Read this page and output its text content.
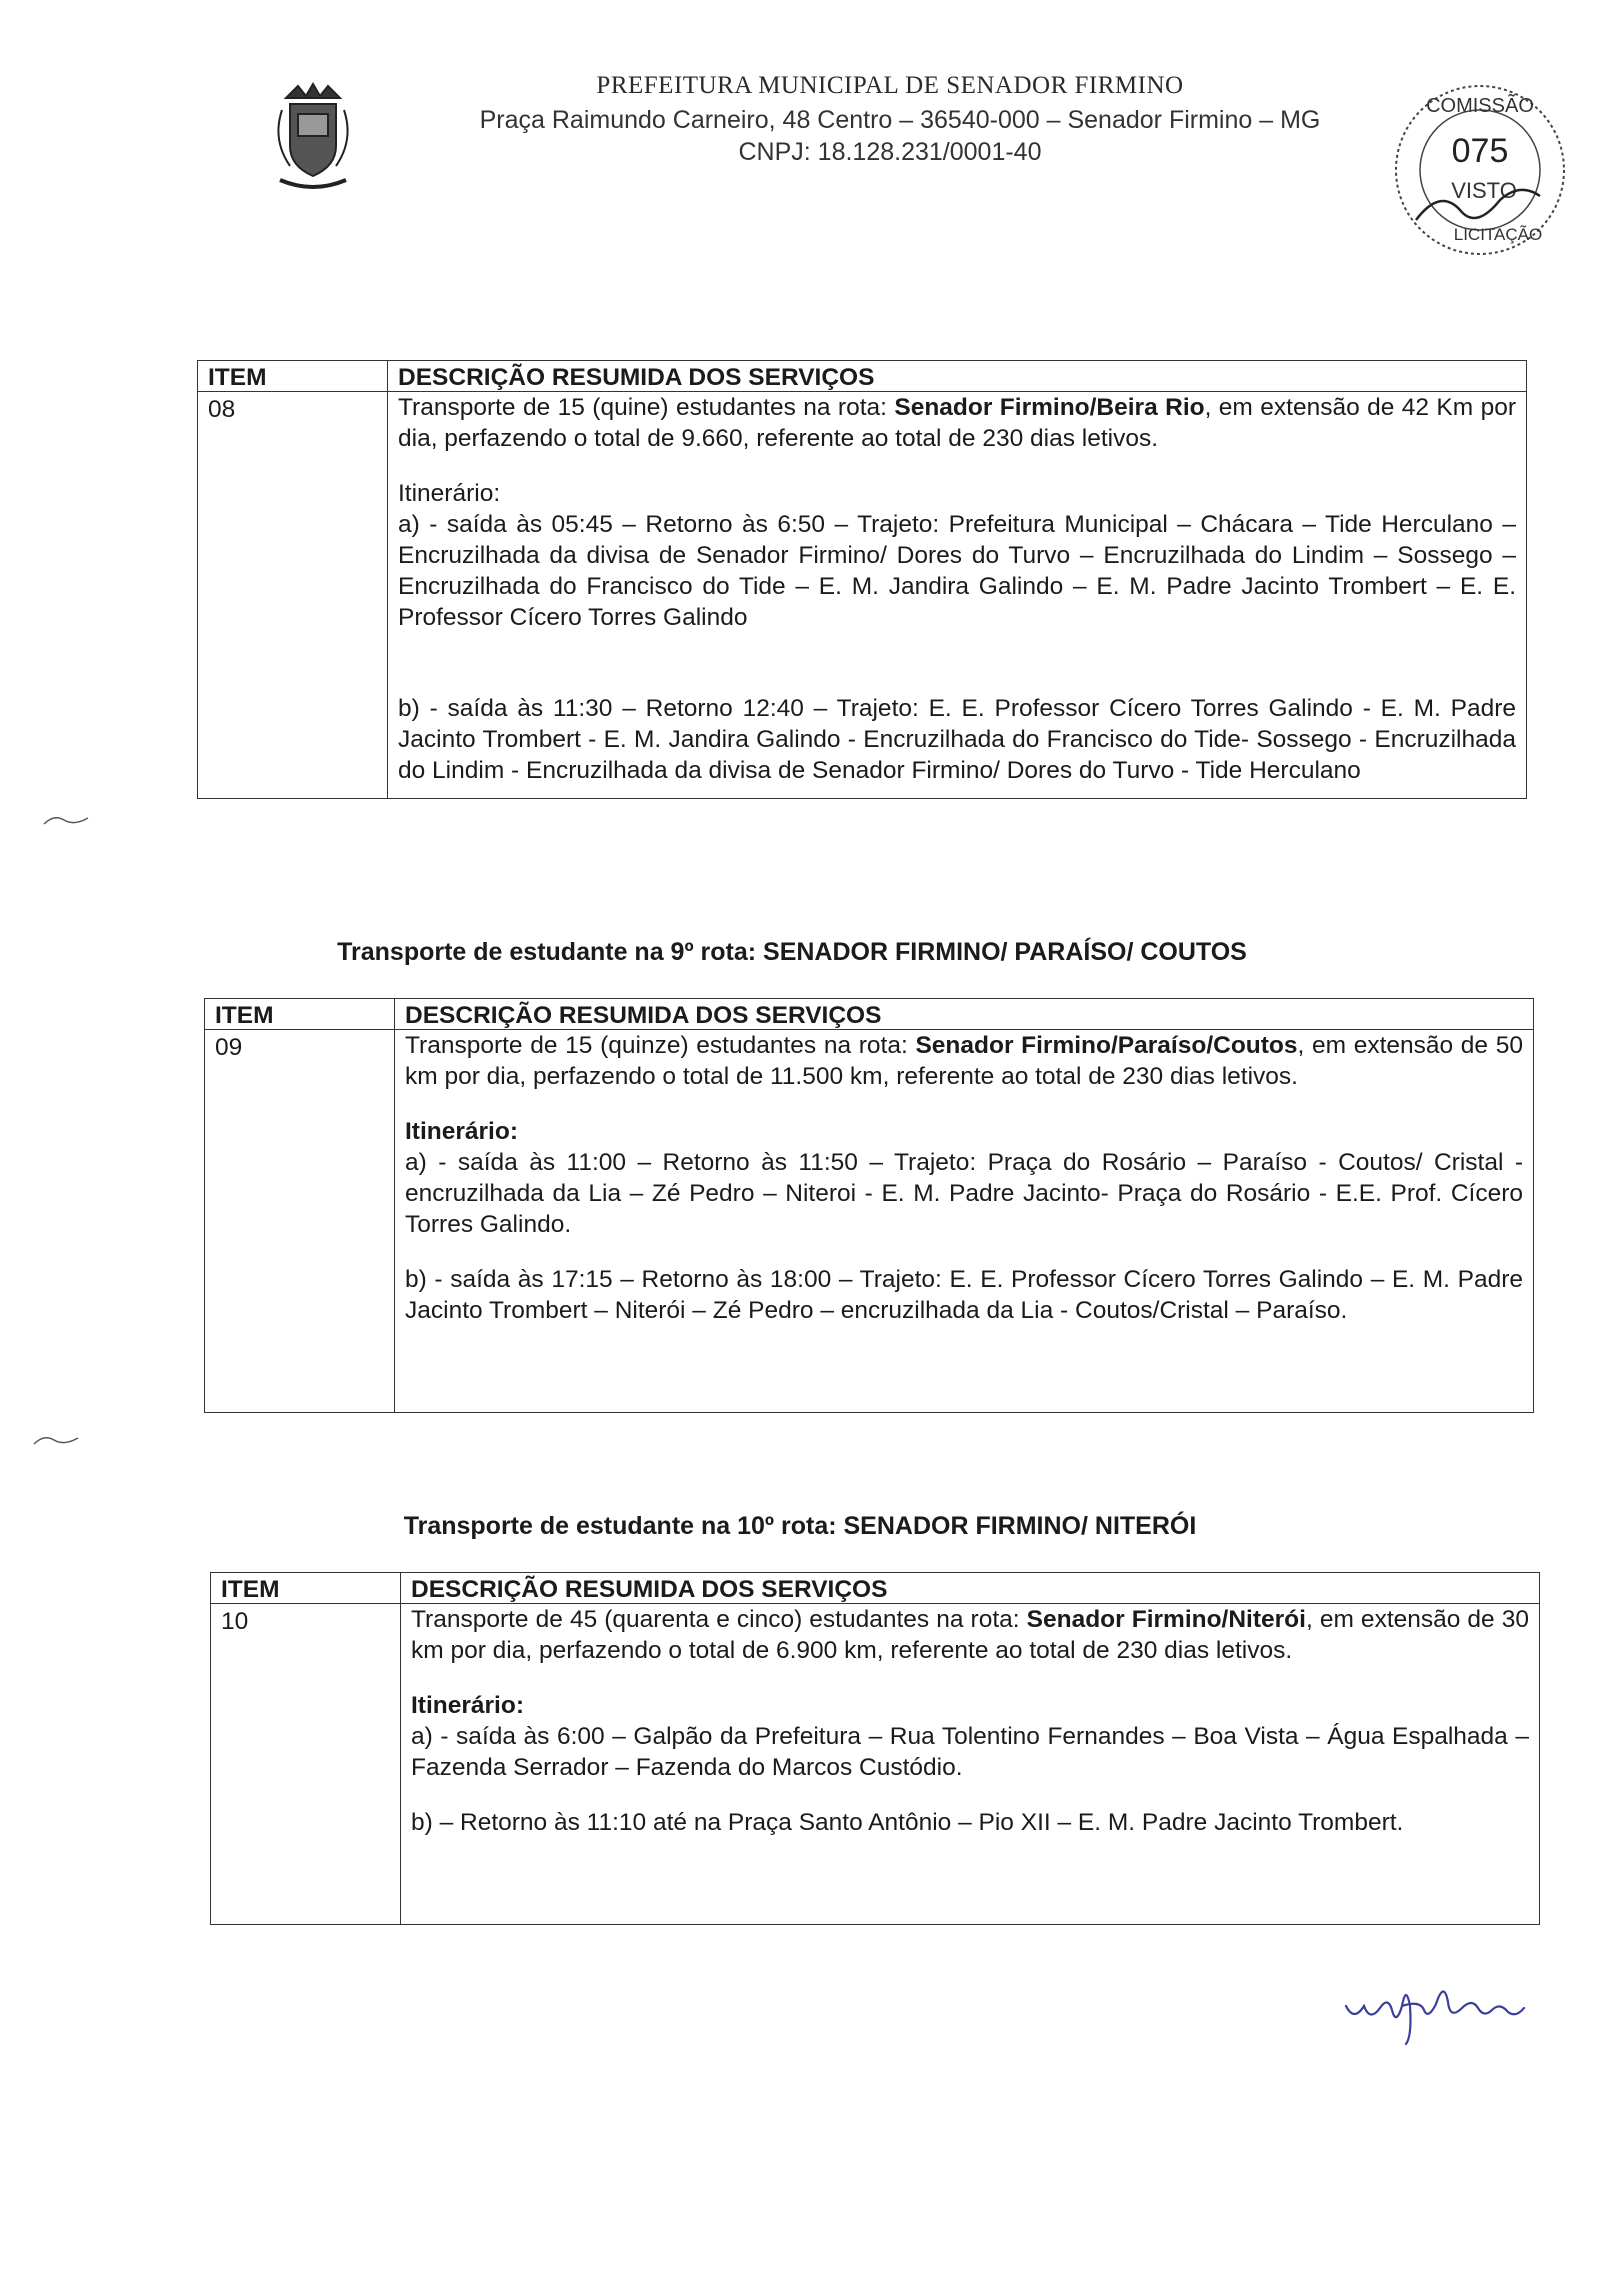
PREFEITURA MUNICIPAL DE SENADOR FIRMINO
Praça Raimundo Carneiro, 48 Centro – 36540-000 – Senador Firmino – MG
CNPJ: 18.128.231/0001-40
COMISSÃO
075
VISTO
LICITAÇÃO
ITEM	DESCRIÇÃO RESUMIDA DOS SERVIÇOS
08	Transporte de 15 (quine) estudantes na rota: Senador Firmino/Beira Rio, em extensão de 42 Km por dia, perfazendo o total de 9.660, referente ao total de 230 dias letivos.

Itinerário:

a) - saída às 05:45 – Retorno às 6:50 – Trajeto: Prefeitura Municipal – Chácara – Tide Herculano – Encruzilhada da divisa de Senador Firmino/ Dores do Turvo – Encruzilhada do Lindim – Sossego – Encruzilhada do Francisco do Tide – E. M. Jandira Galindo – E. M. Padre Jacinto Trombert – E. E. Professor Cícero Torres Galindo

b) - saída às 11:30 – Retorno 12:40 – Trajeto: E. E. Professor Cícero Torres Galindo - E. M. Padre Jacinto Trombert - E. M. Jandira Galindo - Encruzilhada do Francisco do Tide- Sossego - Encruzilhada do Lindim - Encruzilhada da divisa de Senador Firmino/ Dores do Turvo - Tide Herculano

Transporte de estudante na 9º rota: SENADOR FIRMINO/ PARAÍSO/ COUTOS
ITEM	DESCRIÇÃO RESUMIDA DOS SERVIÇOS
09	Transporte de 15 (quinze) estudantes na rota: Senador Firmino/Paraíso/Coutos, em extensão de 50 km por dia, perfazendo o total de 11.500 km, referente ao total de 230 dias letivos.

Itinerário:

a) - saída às 11:00 – Retorno às 11:50 – Trajeto: Praça do Rosário – Paraíso - Coutos/ Cristal - encruzilhada da Lia – Zé Pedro – Niteroi - E. M. Padre Jacinto- Praça do Rosário - E.E. Prof. Cícero Torres Galindo.

b) - saída às 17:15 – Retorno às 18:00 – Trajeto: E. E. Professor Cícero Torres Galindo – E. M. Padre Jacinto Trombert – Niterói – Zé Pedro – encruzilhada da Lia - Coutos/Cristal – Paraíso.

Transporte de estudante na 10º rota: SENADOR FIRMINO/ NITERÓI
ITEM	DESCRIÇÃO RESUMIDA DOS SERVIÇOS
10	Transporte de 45 (quarenta e cinco) estudantes na rota: Senador Firmino/Niterói, em extensão de 30 km por dia, perfazendo o total de 6.900 km, referente ao total de 230 dias letivos.

Itinerário:

a) - saída às 6:00 – Galpão da Prefeitura – Rua Tolentino Fernandes – Boa Vista – Água Espalhada – Fazenda Serrador – Fazenda do Marcos Custódio.

b) – Retorno às 11:10 até na Praça Santo Antônio – Pio XII – E. M. Padre Jacinto Trombert.
